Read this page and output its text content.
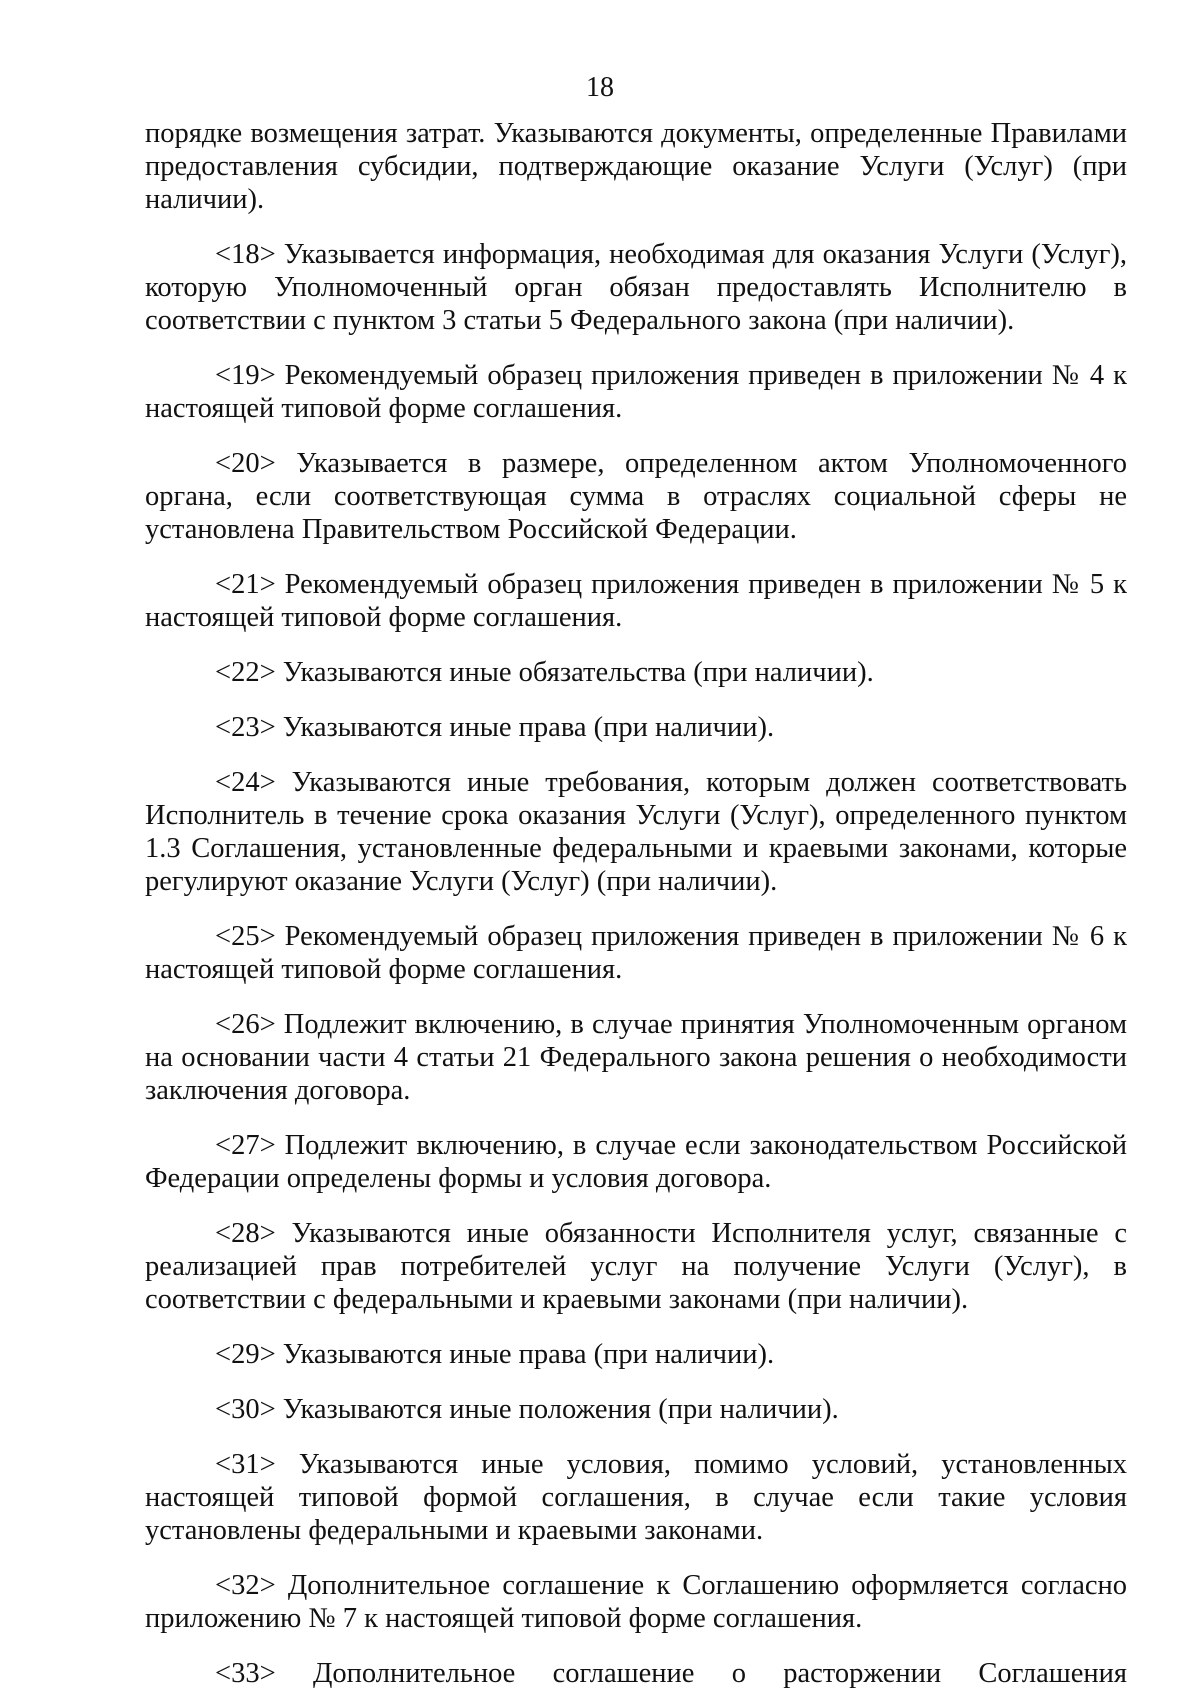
18

порядке возмещения затрат. Указываются документы, определенные Правилами предоставления субсидии, подтверждающие оказание Услуги (Услуг) (при наличии).

<18> Указывается информация, необходимая для оказания Услуги (Услуг), которую Уполномоченный орган обязан предоставлять Исполнителю в соответствии с пунктом 3 статьи 5 Федерального закона (при наличии).

<19> Рекомендуемый образец приложения приведен в приложении № 4 к настоящей типовой форме соглашения.

<20> Указывается в размере, определенном актом Уполномоченного органа, если соответствующая сумма в отраслях социальной сферы не установлена Правительством Российской Федерации.

<21> Рекомендуемый образец приложения приведен в приложении № 5 к настоящей типовой форме соглашения.

<22> Указываются иные обязательства (при наличии).

<23> Указываются иные права (при наличии).

<24> Указываются иные требования, которым должен соответствовать Исполнитель в течение срока оказания Услуги (Услуг), определенного пунктом 1.3 Соглашения, установленные федеральными и краевыми законами, которые регулируют оказание Услуги (Услуг) (при наличии).

<25> Рекомендуемый образец приложения приведен в приложении № 6 к настоящей типовой форме соглашения.

<26> Подлежит включению, в случае принятия Уполномоченным органом на основании части 4 статьи 21 Федерального закона решения о необходимости заключения договора.

<27> Подлежит включению, в случае если законодательством Российской Федерации определены формы и условия договора.

<28> Указываются иные обязанности Исполнителя услуг, связанные с реализацией прав потребителей услуг на получение Услуги (Услуг), в соответствии с федеральными и краевыми законами (при наличии).

<29> Указываются иные права (при наличии).

<30> Указываются иные положения (при наличии).

<31> Указываются иные условия, помимо условий, установленных настоящей типовой формой соглашения, в случае если такие условия установлены федеральными и краевыми законами.

<32> Дополнительное соглашение к Соглашению оформляется согласно приложению № 7 к настоящей типовой форме соглашения.

<33> Дополнительное соглашение о расторжении Соглашения
